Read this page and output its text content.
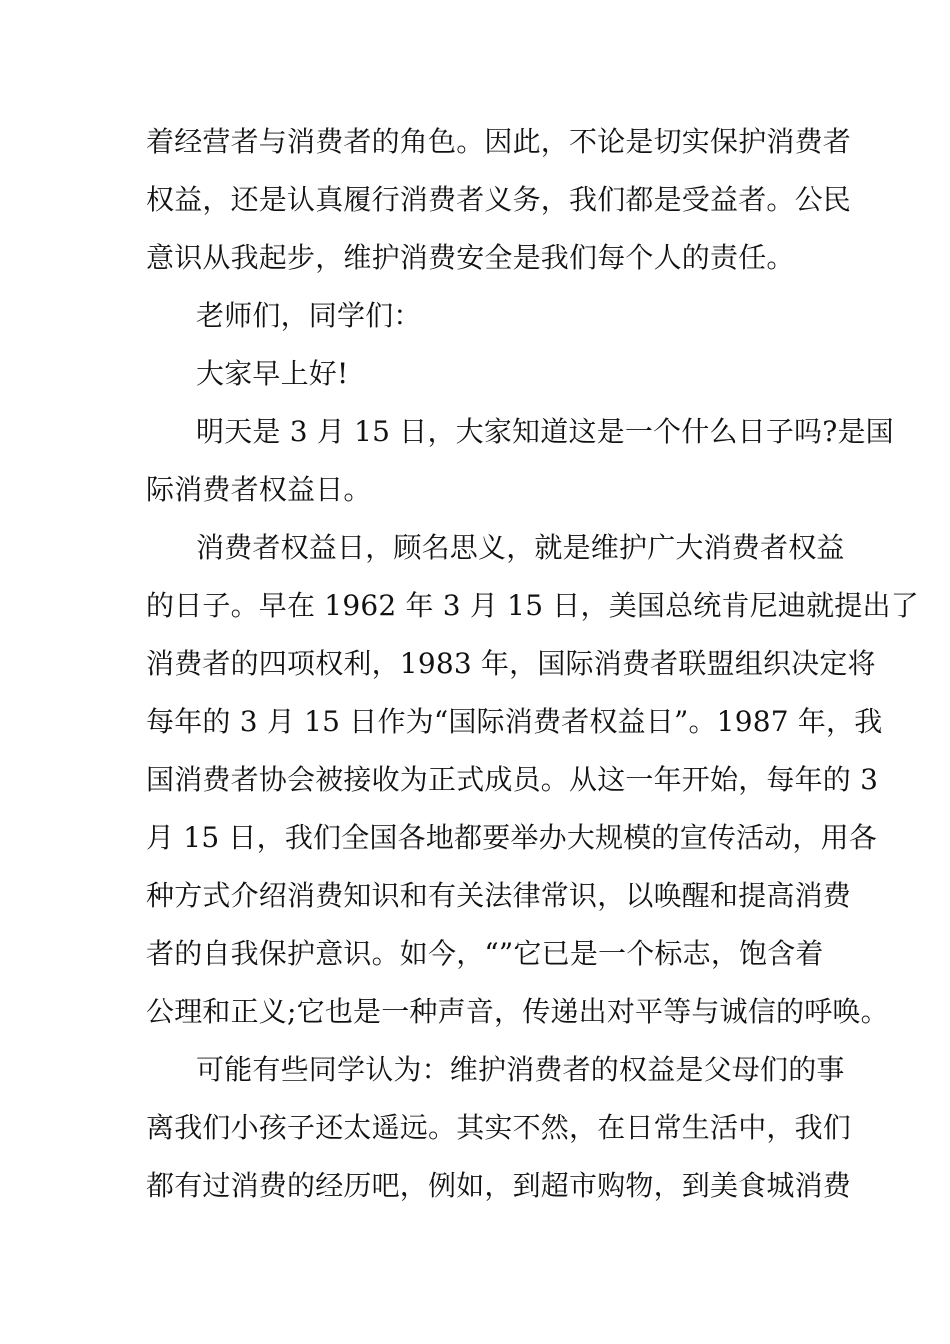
着经营者与消费者的角色。因此，不论是切实保护消费者
权益，还是认真履行消费者义务，我们都是受益者。公民
意识从我起步，维护消费安全是我们每个人的责任。
老师们，同学们：
大家早上好!
明天是 3 月 15 日，大家知道这是一个什么日子吗?是国
际消费者权益日。
消费者权益日，顾名思义，就是维护广大消费者权益
的日子。早在 1962 年 3 月 15 日，美国总统肯尼迪就提出了
消费者的四项权利，1983 年，国际消费者联盟组织决定将
每年的 3 月 15 日作为“国际消费者权益日”。1987 年，我
国消费者协会被接收为正式成员。从这一年开始，每年的 3
月 15 日，我们全国各地都要举办大规模的宣传活动，用各
种方式介绍消费知识和有关法律常识，以唤醒和提高消费
者的自我保护意识。如今，“”它已是一个标志，饱含着
公理和正义;它也是一种声音，传递出对平等与诚信的呼唤。
可能有些同学认为：维护消费者的权益是父母们的事
离我们小孩子还太遥远。其实不然，在日常生活中，我们
都有过消费的经历吧，例如，到超市购物，到美食城消费
